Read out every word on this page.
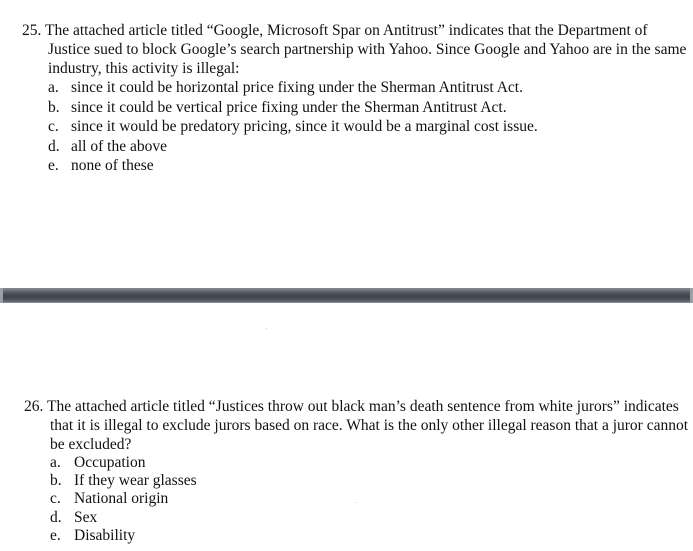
25. The attached article titled “Google, Microsoft Spar on Antitrust” indicates that the Department of Justice sued to block Google’s search partnership with Yahoo. Since Google and Yahoo are in the same industry, this activity is illegal:

a. since it could be horizontal price fixing under the Sherman Antitrust Act.
b. since it could be vertical price fixing under the Sherman Antitrust Act.
c. since it would be predatory pricing, since it would be a marginal cost issue.
d. all of the above
e. none of these

26. The attached article titled “Justices throw out black man’s death sentence from white jurors” indicates that it is illegal to exclude jurors based on race. What is the only other illegal reason that a juror cannot be excluded?

a. Occupation
b. If they wear glasses
c. National origin
d. Sex
e. Disability
